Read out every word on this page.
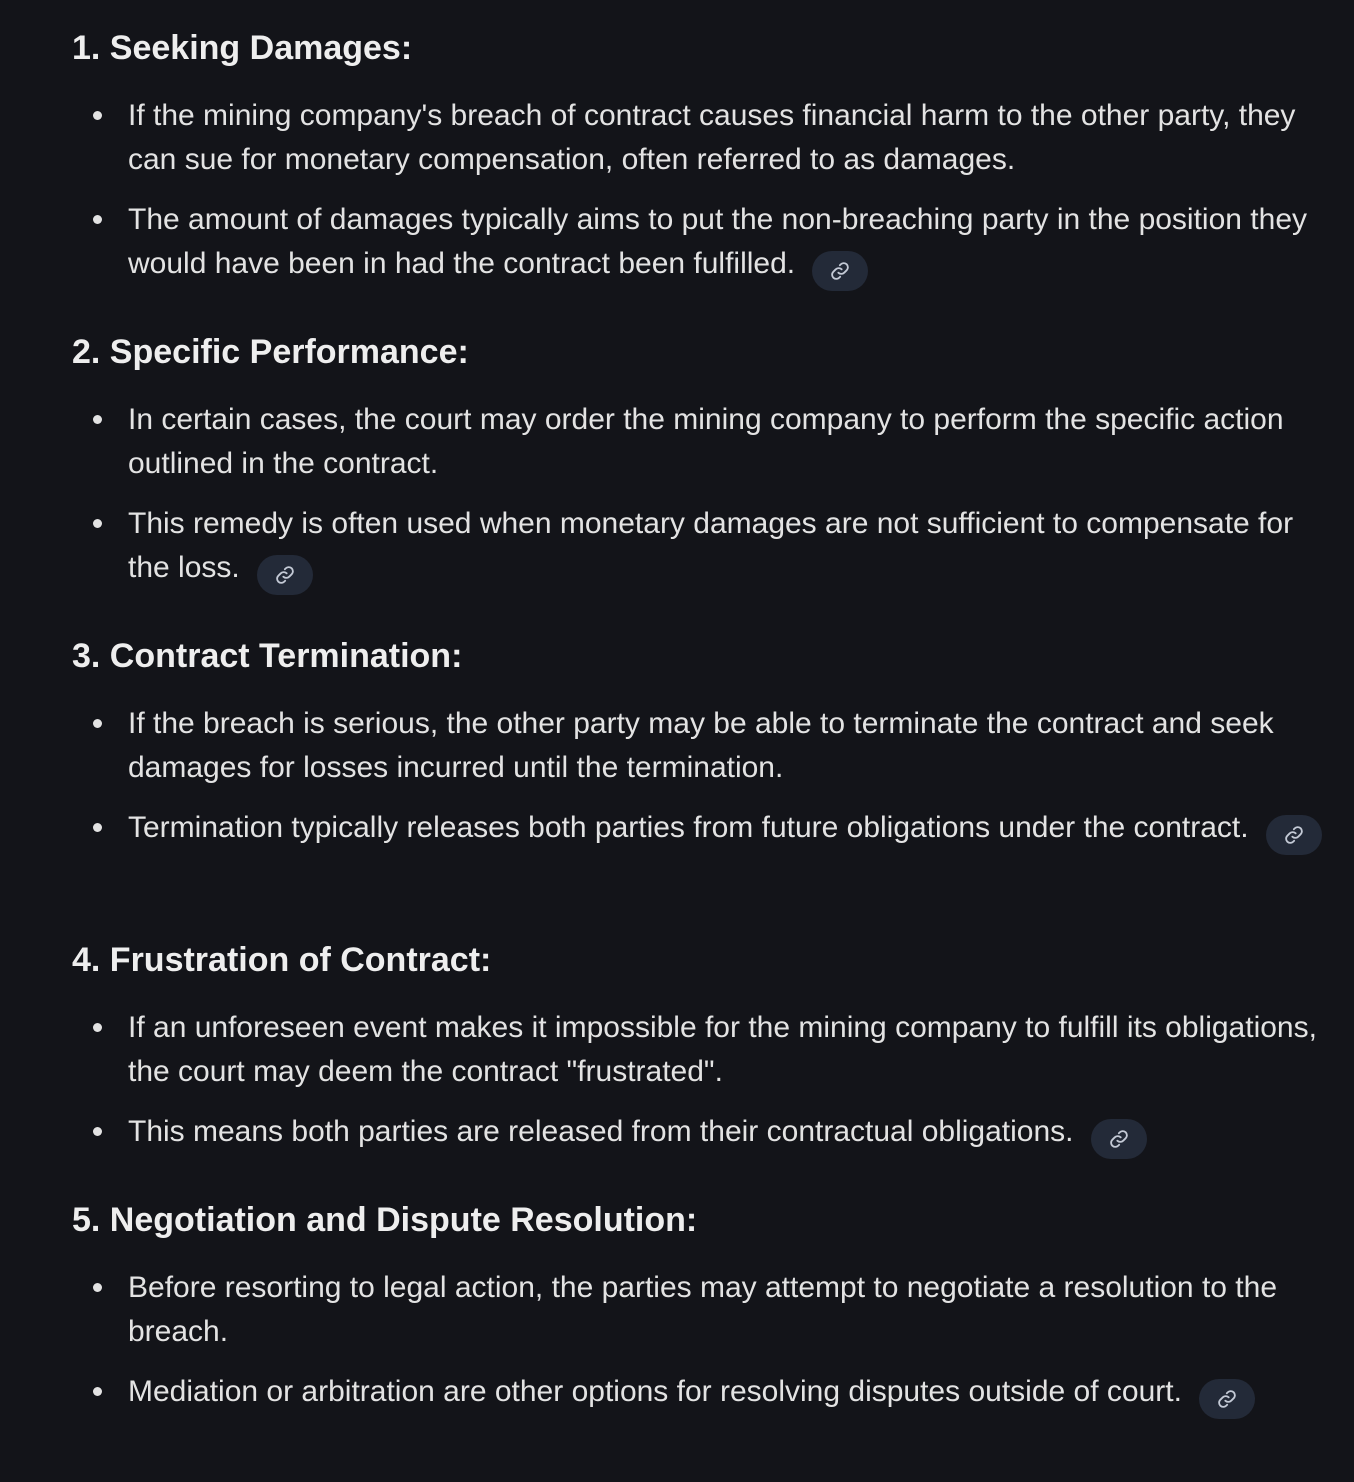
1. Seeking Damages:
If the mining company's breach of contract causes financial harm to the other party, they can sue for monetary compensation, often referred to as damages.
The amount of damages typically aims to put the non-breaching party in the position they would have been in had the contract been fulfilled.
2. Specific Performance:
In certain cases, the court may order the mining company to perform the specific action outlined in the contract.
This remedy is often used when monetary damages are not sufficient to compensate for the loss.
3. Contract Termination:
If the breach is serious, the other party may be able to terminate the contract and seek damages for losses incurred until the termination.
Termination typically releases both parties from future obligations under the contract.
4. Frustration of Contract:
If an unforeseen event makes it impossible for the mining company to fulfill its obligations, the court may deem the contract "frustrated".
This means both parties are released from their contractual obligations.
5. Negotiation and Dispute Resolution:
Before resorting to legal action, the parties may attempt to negotiate a resolution to the breach.
Mediation or arbitration are other options for resolving disputes outside of court.
